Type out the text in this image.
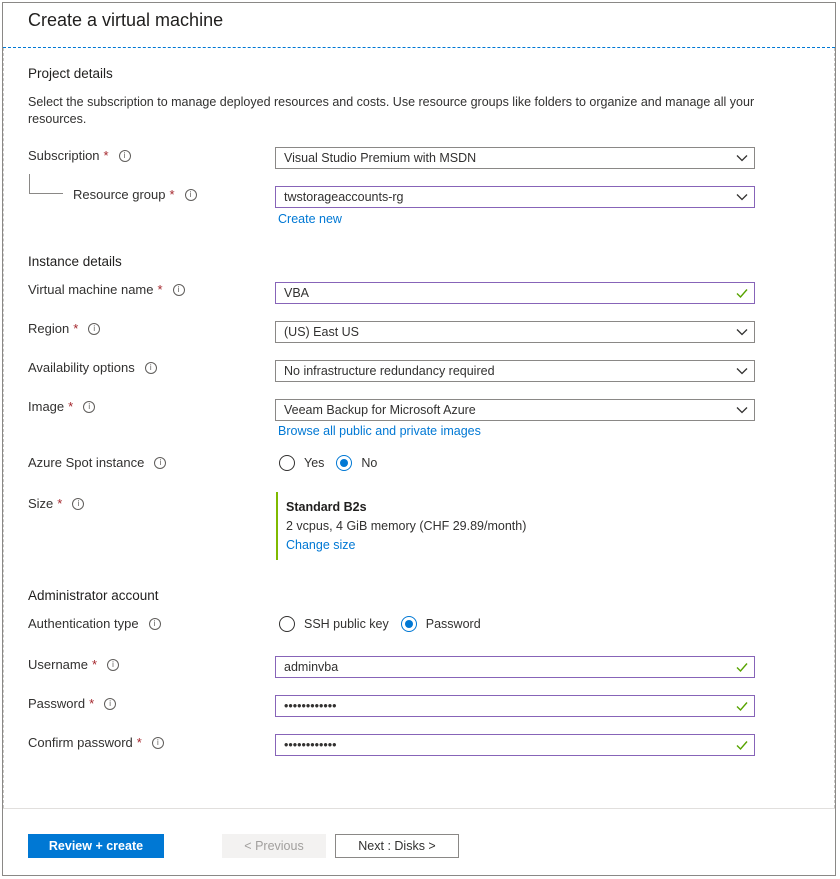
Create a virtual machine
Project details
Select the subscription to manage deployed resources and costs. Use resource groups like folders to organize and manage all your resources.
Subscription *	i	Visual Studio Premium with MSDN
Resource group *	i	twstorageaccounts-rg
Create new
Instance details
Virtual machine name *	i	VBA
Region *	i	(US) East US
Availability options	i	No infrastructure redundancy required
Image *	i	Veeam Backup for Microsoft Azure
Browse all public and private images
Azure Spot instance	i	Yes	No
Size *	i	Standard B2s
2 vcpus, 4 GiB memory (CHF 29.89/month)
Change size
Administrator account
Authentication type	i	SSH public key	Password
Username *	i	adminvba
Password *	i	••••••••••••
Confirm password *	i	••••••••••••
Review + create	< Previous	Next : Disks >
